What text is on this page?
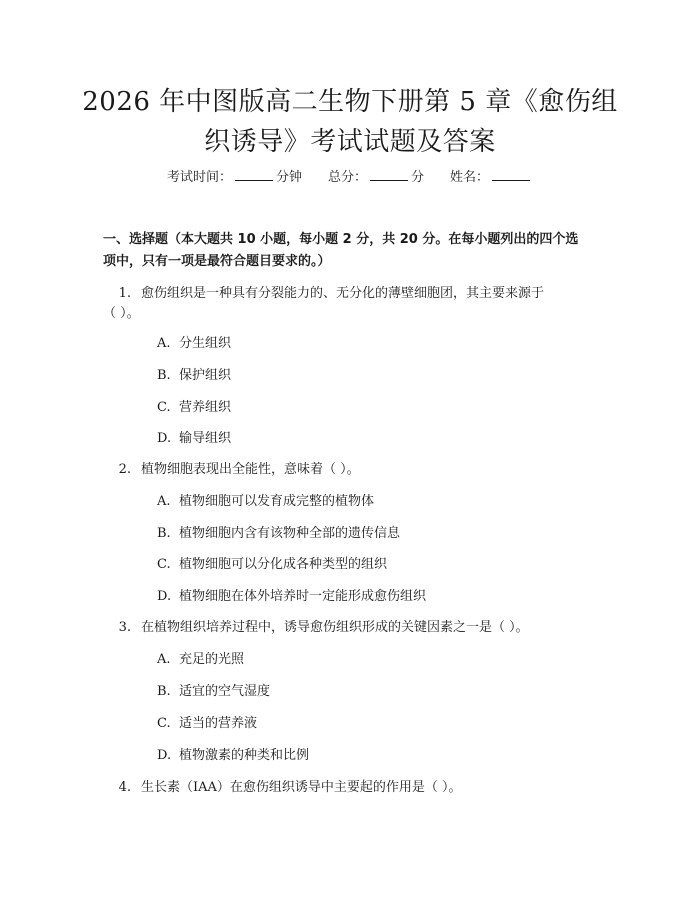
2026 年中图版高二生物下册第 5 章《愈伤组
织诱导》考试试题及答案
考试时间：	分钟 总分：	分 姓名：
一、选择题（本大题共 10 小题，每小题 2 分，共 20 分。在每小题列出的四个选
项中，只有一项是最符合题目要求的。）
1. 愈伤组织是一种具有分裂能力的、无分化的薄壁细胞团，其主要来源于
（ ）。
A. 分生组织
B. 保护组织
C. 营养组织
D. 输导组织
2. 植物细胞表现出全能性，意味着（ ）。
A. 植物细胞可以发育成完整的植物体
B. 植物细胞内含有该物种全部的遗传信息
C. 植物细胞可以分化成各种类型的组织
D. 植物细胞在体外培养时一定能形成愈伤组织
3. 在植物组织培养过程中，诱导愈伤组织形成的关键因素之一是（ ）。
A. 充足的光照
B. 适宜的空气湿度
C. 适当的营养液
D. 植物激素的种类和比例
4. 生长素（IAA）在愈伤组织诱导中主要起的作用是（ ）。
